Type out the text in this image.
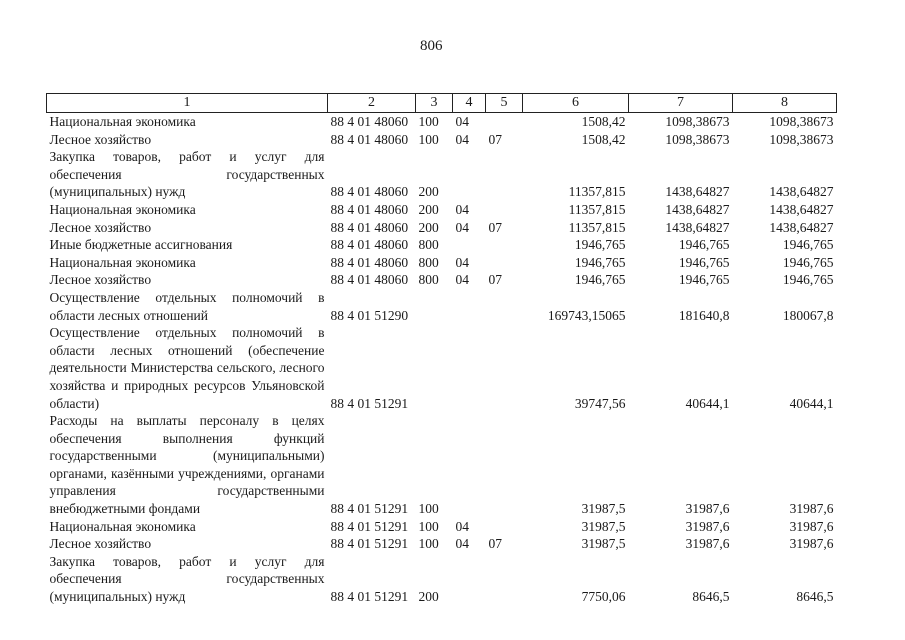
806
1	2	3	4	5	6	7	8
Национальная экономика	88 4 01 48060	100	04		1508,42	1098,38673	1098,38673
Лесное хозяйство	88 4 01 48060	100	04	07	1508,42	1098,38673	1098,38673
Закупка товаров, работ и услуг для обеспечения государственных (муниципальных) нужд	88 4 01 48060	200			11357,815	1438,64827	1438,64827
Национальная экономика	88 4 01 48060	200	04		11357,815	1438,64827	1438,64827
Лесное хозяйство	88 4 01 48060	200	04	07	11357,815	1438,64827	1438,64827
Иные бюджетные ассигнования	88 4 01 48060	800			1946,765	1946,765	1946,765
Национальная экономика	88 4 01 48060	800	04		1946,765	1946,765	1946,765
Лесное хозяйство	88 4 01 48060	800	04	07	1946,765	1946,765	1946,765
Осуществление отдельных полномочий в области лесных отношений	88 4 01 51290				169743,15065	181640,8	180067,8
Осуществление отдельных полномочий в области лесных отношений (обеспечение деятельности Министерства сельского, лесного хозяйства и природных ресурсов Ульяновской области)	88 4 01 51291				39747,56	40644,1	40644,1
Расходы на выплаты персоналу в целях обеспечения выполнения функций государственными (муниципальными) органами, казёнными учреждениями, органами управления государственными внебюджетными фондами	88 4 01 51291	100			31987,5	31987,6	31987,6
Национальная экономика	88 4 01 51291	100	04		31987,5	31987,6	31987,6
Лесное хозяйство	88 4 01 51291	100	04	07	31987,5	31987,6	31987,6
Закупка товаров, работ и услуг для обеспечения государственных (муниципальных) нужд	88 4 01 51291	200			7750,06	8646,5	8646,5
